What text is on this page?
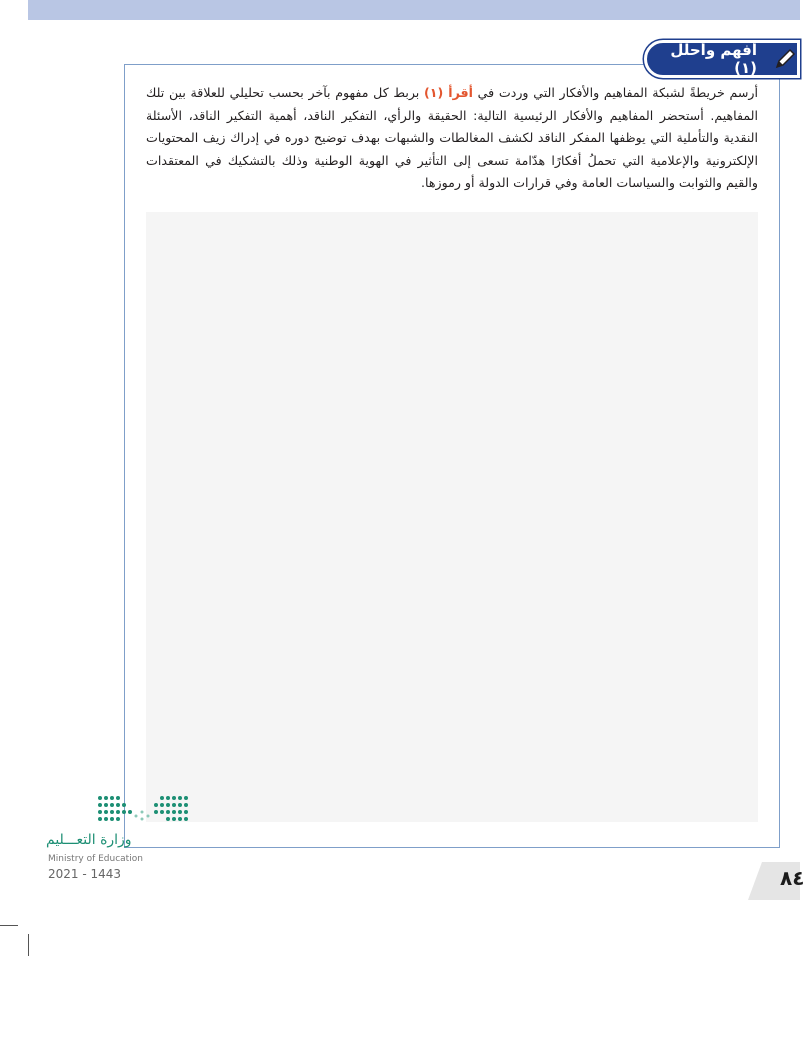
أفهم وأحلل (١)

أرسم خريطةً لشبكة المفاهيم والأفكار التي وردت في أقرأ (١) بربط كل مفهوم بآخر بحسب تحليلي للعلاقة بين تلك المفاهيم. أستحضر المفاهيم والأفكار الرئيسية التالية: الحقيقة والرأي، التفكير الناقد، أهمية التفكير الناقد، الأسئلة النقدية والتأملية التي يوظفها المفكر الناقد لكشف المغالطات والشبهات بهدف توضيح دوره في إدراك زيف المحتويات الإلكترونية والإعلامية التي تحملُ أفكارًا هدّامة تسعى إلى التأثير في الهوية الوطنية وذلك بالتشكيك في المعتقدات والقيم والثوابت والسياسات العامة وفي قرارات الدولة أو رموزها.

وزارة التعـــليم
Ministry of Education
2021 - 1443	٨٤
